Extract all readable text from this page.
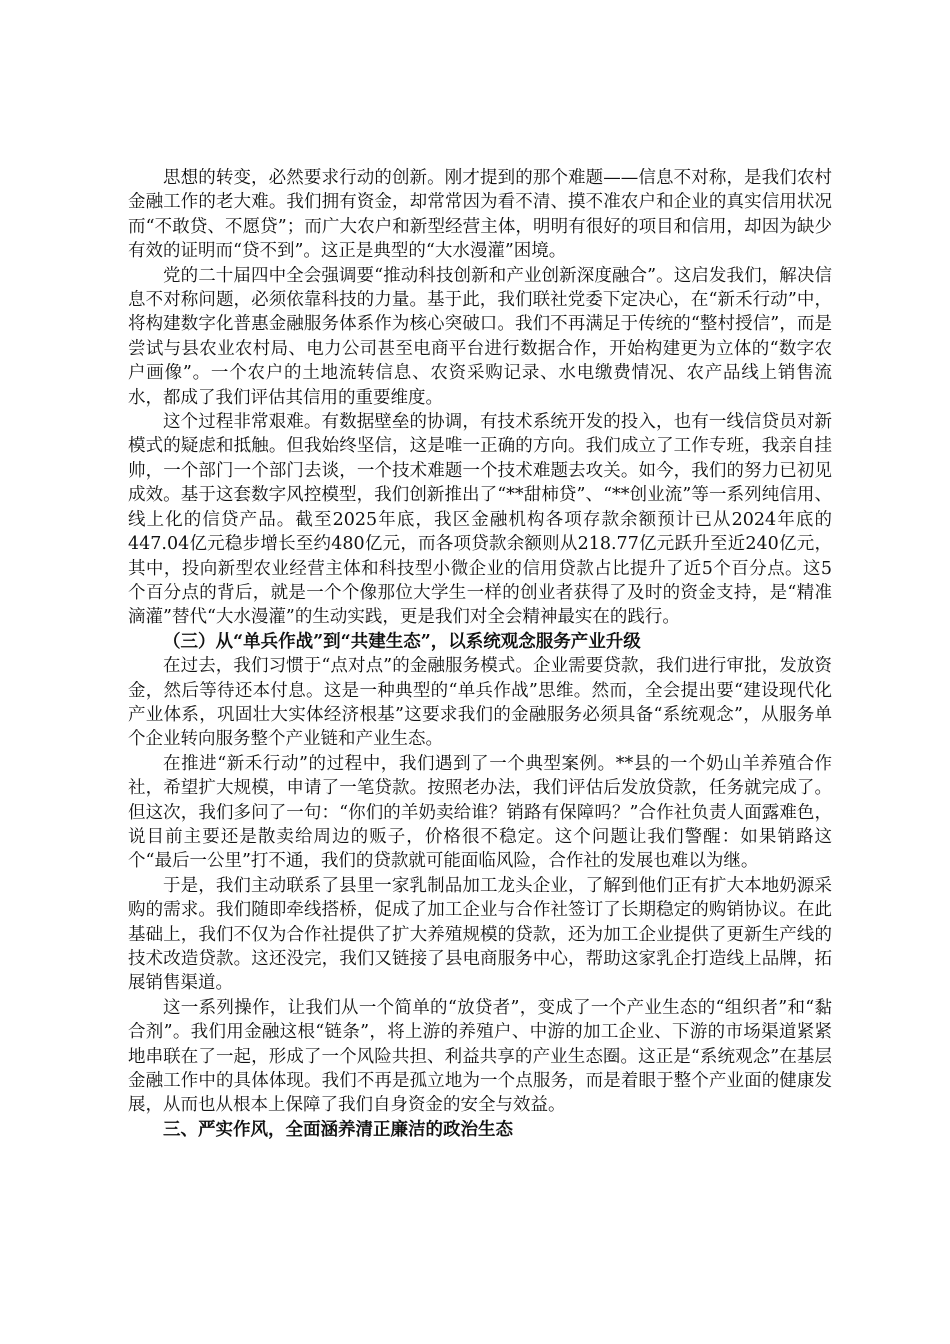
思想的转变，必然要求行动的创新。刚才提到的那个难题——信息不对称，是我们农村金融工作的老大难。我们拥有资金，却常常因为看不清、摸不准农户和企业的真实信用状况而“不敢贷、不愿贷”；而广大农户和新型经营主体，明明有很好的项目和信用，却因为缺少有效的证明而“贷不到”。这正是典型的“大水漫灌”困境。

党的二十届四中全会强调要“推动科技创新和产业创新深度融合”。这启发我们，解决信息不对称问题，必须依靠科技的力量。基于此，我们联社党委下定决心，在“新禾行动”中，将构建数字化普惠金融服务体系作为核心突破口。我们不再满足于传统的“整村授信”，而是尝试与县农业农村局、电力公司甚至电商平台进行数据合作，开始构建更为立体的“数字农户画像”。一个农户的土地流转信息、农资采购记录、水电缴费情况、农产品线上销售流水，都成了我们评估其信用的重要维度。

这个过程非常艰难。有数据壁垒的协调，有技术系统开发的投入，也有一线信贷员对新模式的疑虑和抵触。但我始终坚信，这是唯一正确的方向。我们成立了工作专班，我亲自挂帅，一个部门一个部门去谈，一个技术难题一个技术难题去攻关。如今，我们的努力已初见成效。基于这套数字风控模型，我们创新推出了“**甜柿贷”、“**创业流”等一系列纯信用、线上化的信贷产品。截至2025年底，我区金融机构各项存款余额预计已从2024年底的447.04亿元稳步增长至约480亿元，而各项贷款余额则从218.77亿元跃升至近240亿元，其中，投向新型农业经营主体和科技型小微企业的信用贷款占比提升了近5个百分点。这5个百分点的背后，就是一个个像那位大学生一样的创业者获得了及时的资金支持，是“精准滴灌”替代“大水漫灌”的生动实践，更是我们对全会精神最实在的践行。

（三）从“单兵作战”到“共建生态”，以系统观念服务产业升级

在过去，我们习惯于“点对点”的金融服务模式。企业需要贷款，我们进行审批，发放资金，然后等待还本付息。这是一种典型的“单兵作战”思维。然而，全会提出要“建设现代化产业体系，巩固壮大实体经济根基”这要求我们的金融服务必须具备“系统观念”，从服务单个企业转向服务整个产业链和产业生态。

在推进“新禾行动”的过程中，我们遇到了一个典型案例。**县的一个奶山羊养殖合作社，希望扩大规模，申请了一笔贷款。按照老办法，我们评估后发放贷款，任务就完成了。但这次，我们多问了一句：“你们的羊奶卖给谁？销路有保障吗？”合作社负责人面露难色，说目前主要还是散卖给周边的贩子，价格很不稳定。这个问题让我们警醒：如果销路这个“最后一公里”打不通，我们的贷款就可能面临风险，合作社的发展也难以为继。

于是，我们主动联系了县里一家乳制品加工龙头企业，了解到他们正有扩大本地奶源采购的需求。我们随即牵线搭桥，促成了加工企业与合作社签订了长期稳定的购销协议。在此基础上，我们不仅为合作社提供了扩大养殖规模的贷款，还为加工企业提供了更新生产线的技术改造贷款。这还没完，我们又链接了县电商服务中心，帮助这家乳企打造线上品牌，拓展销售渠道。

这一系列操作，让我们从一个简单的“放贷者”，变成了一个产业生态的“组织者”和“黏合剂”。我们用金融这根“链条”，将上游的养殖户、中游的加工企业、下游的市场渠道紧紧地串联在了一起，形成了一个风险共担、利益共享的产业生态圈。这正是“系统观念”在基层金融工作中的具体体现。我们不再是孤立地为一个点服务，而是着眼于整个产业面的健康发展，从而也从根本上保障了我们自身资金的安全与效益。

三、严实作风，全面涵养清正廉洁的政治生态
